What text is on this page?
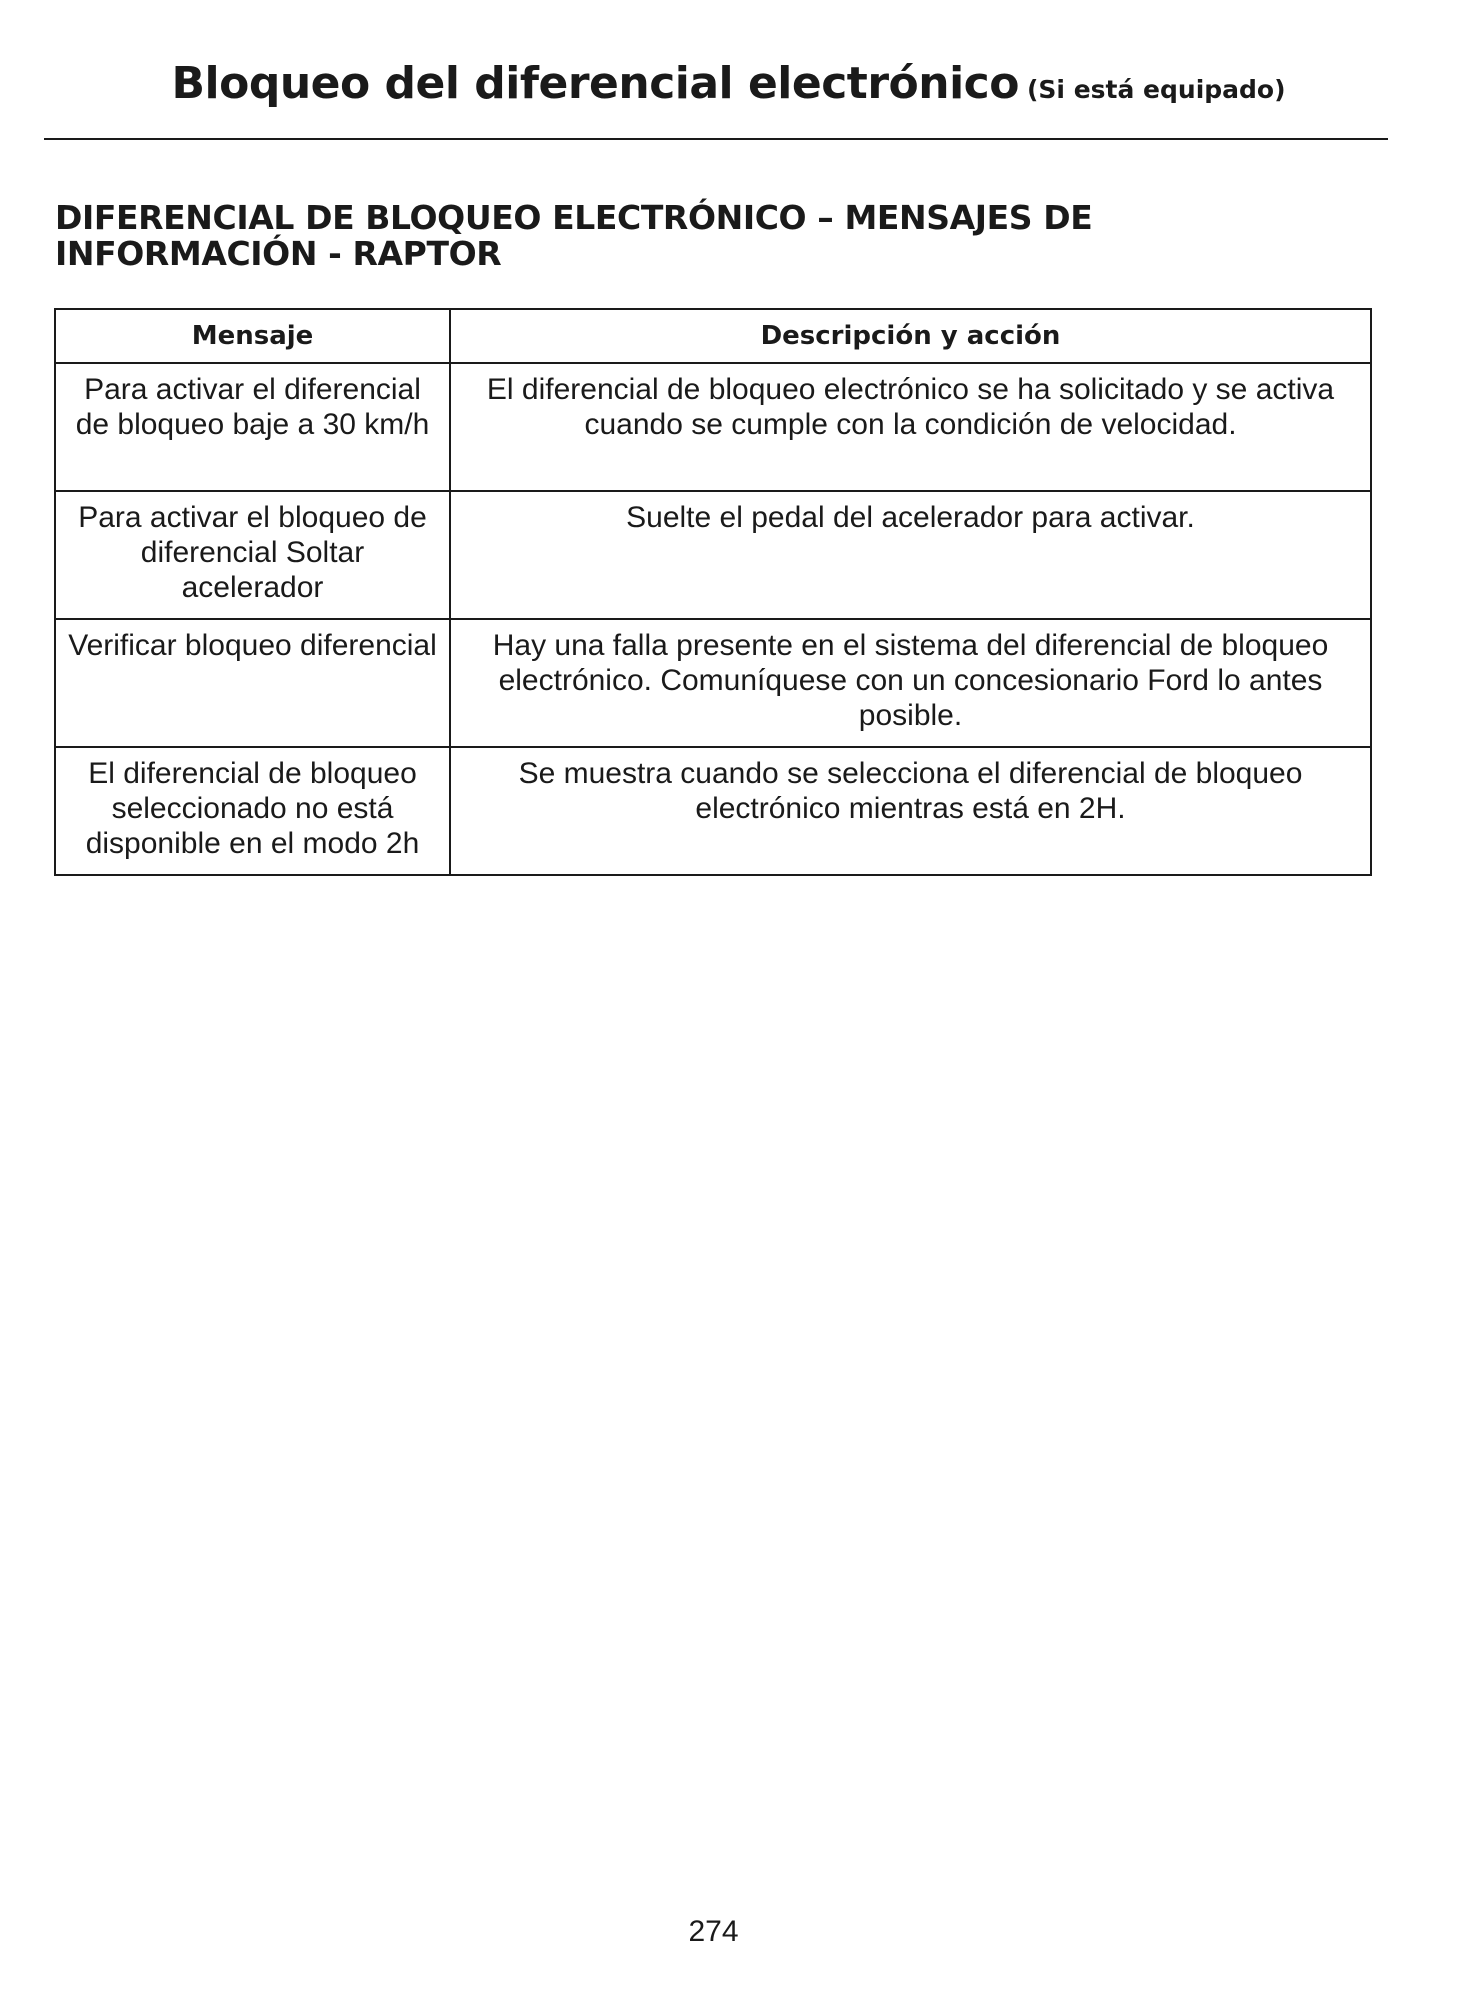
Bloqueo del diferencial electrónico (Si está equipado)
DIFERENCIAL DE BLOQUEO ELECTRÓNICO – MENSAJES DE
INFORMACIÓN - RAPTOR
Mensaje	Descripción y acción
Para activar el diferencial de bloqueo baje a 30 km/h	El diferencial de bloqueo electrónico se ha solicitado y se activa cuando se cumple con la condición de velocidad.
Para activar el bloqueo de diferencial Soltar acelerador	Suelte el pedal del acelerador para activar.
Verificar bloqueo diferencial	Hay una falla presente en el sistema del diferencial de bloqueo electrónico. Comuníquese con un concesionario Ford lo antes posible.
El diferencial de bloqueo seleccionado no está disponible en el modo 2h	Se muestra cuando se selecciona el diferencial de bloqueo electrónico mientras está en 2H.
274
